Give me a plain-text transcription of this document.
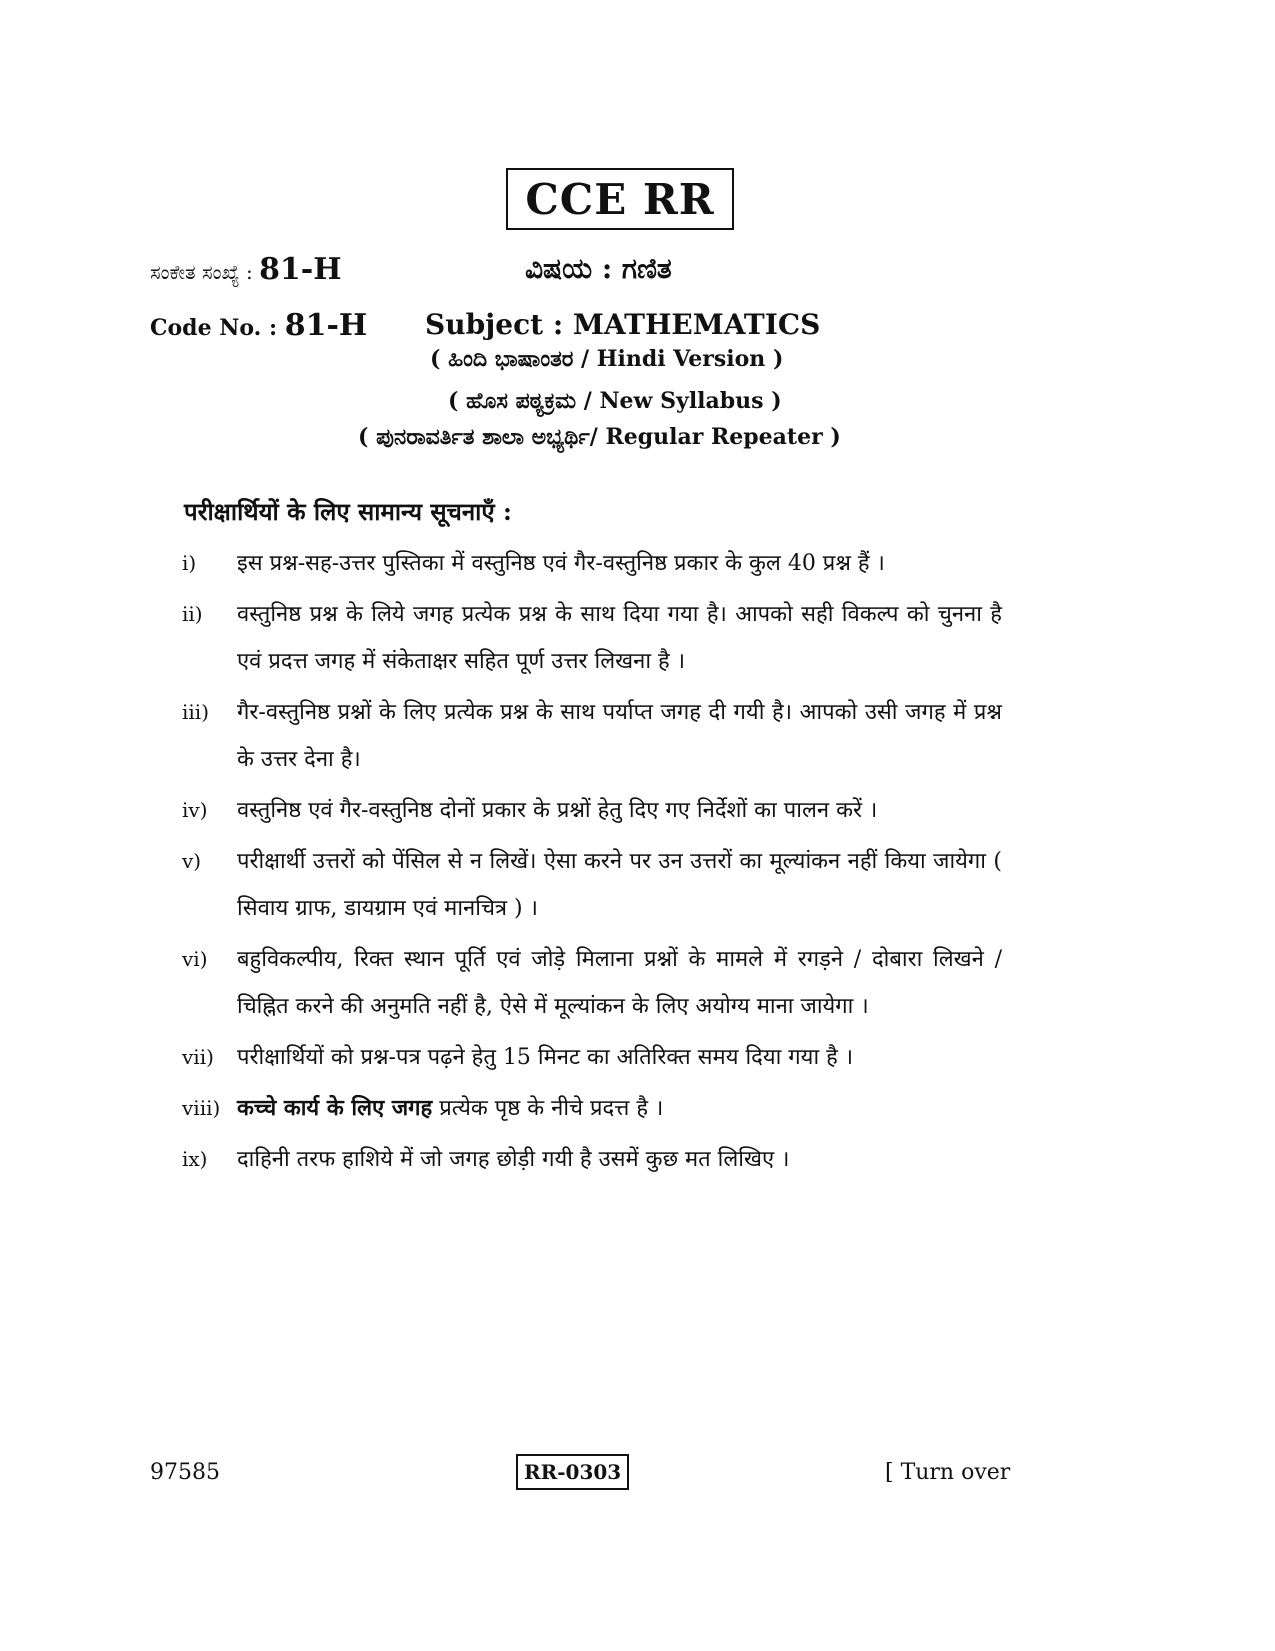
CCE RR
ಸಂಕೇತ ಸಂಖ್ಯೆ : 81-H	ವಿಷಯ : ಗಣಿತ
Code No. : 81-H Subject : MATHEMATICS
( ಹಿಂದಿ ಭಾಷಾಂತರ / Hindi Version )
( ಹೊಸ ಪಠ್ಯಕ್ರಮ / New Syllabus )
( ಪುನರಾವರ್ತಿತ ಶಾಲಾ ಅಭ್ಯರ್ಥಿ/ Regular Repeater )
परीक्षार्थियों के लिए सामान्य सूचनाएँ :
i)	इस प्रश्न-सह-उत्तर पुस्तिका में वस्तुनिष्ठ एवं गैर-वस्तुनिष्ठ प्रकार के कुल 40 प्रश्न हैं ।
ii)	वस्तुनिष्ठ प्रश्न के लिये जगह प्रत्येक प्रश्न के साथ दिया गया है। आपको सही विकल्प को चुनना है एवं प्रदत्त जगह में संकेताक्षर सहित पूर्ण उत्तर लिखना है ।
iii)	गैर-वस्तुनिष्ठ प्रश्नों के लिए प्रत्येक प्रश्न के साथ पर्याप्त जगह दी गयी है। आपको उसी जगह में प्रश्न के उत्तर देना है।
iv)	वस्तुनिष्ठ एवं गैर-वस्तुनिष्ठ दोनों प्रकार के प्रश्नों हेतु दिए गए निर्देशों का पालन करें ।
v)	परीक्षार्थी उत्तरों को पेंसिल से न लिखें। ऐसा करने पर उन उत्तरों का मूल्यांकन नहीं किया जायेगा ( सिवाय ग्राफ, डायग्राम एवं मानचित्र ) ।
vi)	बहुविकल्पीय, रिक्त स्थान पूर्ति एवं जोड़े मिलाना प्रश्नों के मामले में रगड़ने / दोबारा लिखने / चिह्नित करने की अनुमति नहीं है, ऐसे में मूल्यांकन के लिए अयोग्य माना जायेगा ।
vii)	परीक्षार्थियों को प्रश्न-पत्र पढ़ने हेतु 15 मिनट का अतिरिक्त समय दिया गया है ।
viii) कच्चे कार्य के लिए जगह प्रत्येक पृष्ठ के नीचे प्रदत्त है ।
ix)	दाहिनी तरफ हाशिये में जो जगह छोड़ी गयी है उसमें कुछ मत लिखिए ।
97585	RR-0303	[ Turn over
